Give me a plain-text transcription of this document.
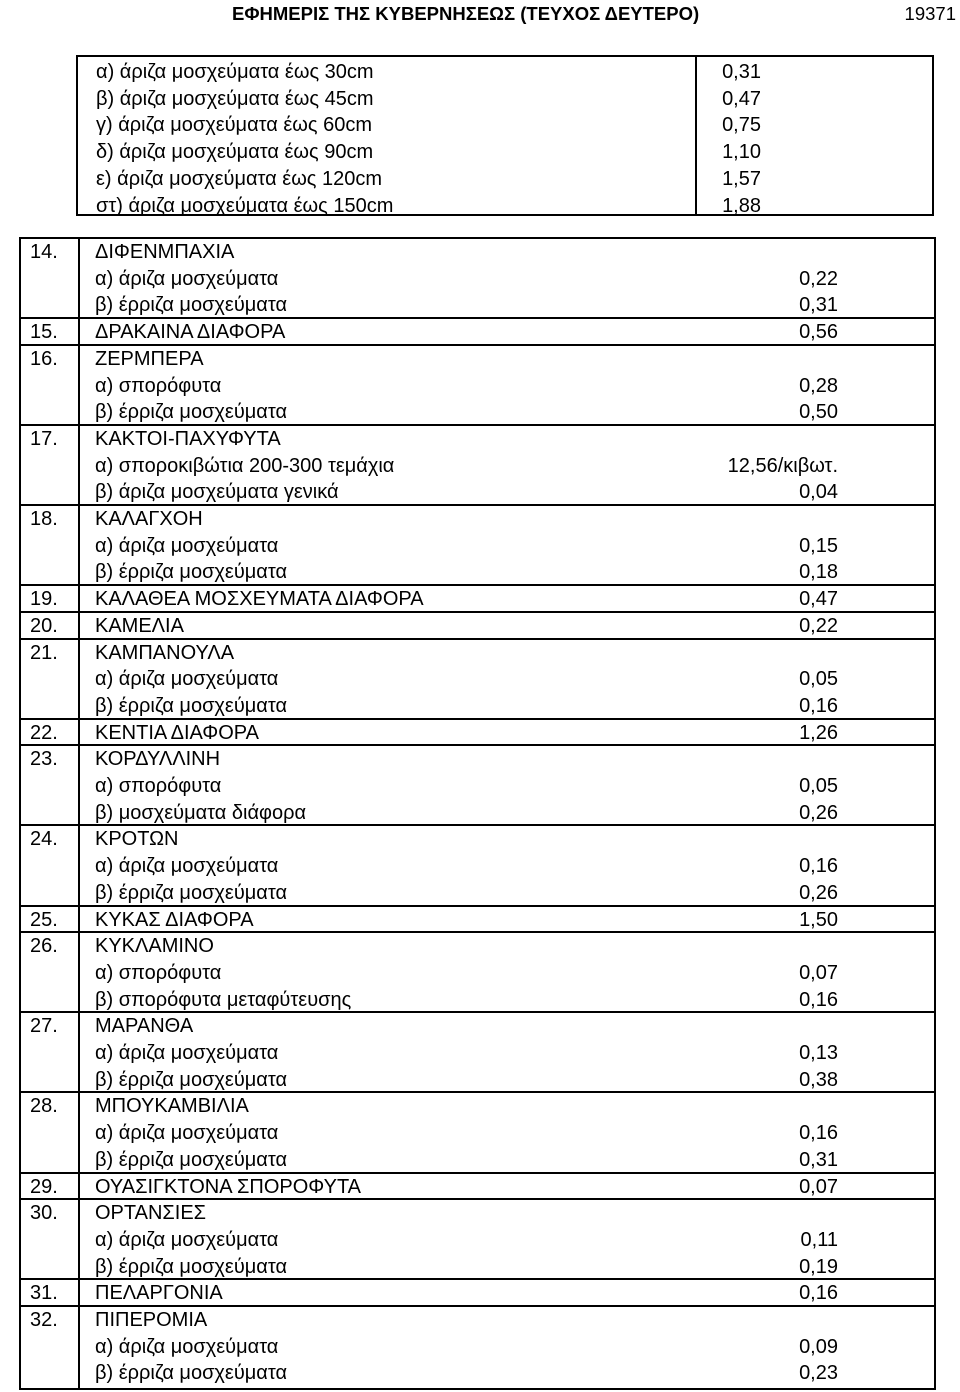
ΕΦΗΜΕΡΙΣ ΤΗΣ ΚΥΒΕΡΝΗΣΕΩΣ (ΤΕΥΧΟΣ ΔΕΥΤΕΡΟ)	19371
α) άριζα μοσχεύματα έως 30cm	0,31
β) άριζα μοσχεύματα έως 45cm	0,47
γ) άριζα μοσχεύματα έως 60cm	0,75
δ) άριζα μοσχεύματα έως 90cm	1,10
ε) άριζα μοσχεύματα έως 120cm	1,57
στ) άριζα μοσχεύματα έως 150cm	1,88
14. ΔΙΦΕΝΜΠΑΧΙΑ
α) άριζα μοσχεύματα	0,22
β) έρριζα μοσχεύματα	0,31
15. ΔΡΑΚΑΙΝΑ ΔΙΑΦΟΡΑ	0,56
16. ΖΕΡΜΠΕΡΑ
α) σπορόφυτα	0,28
β) έρριζα μοσχεύματα	0,50
17. ΚΑΚΤΟΙ-ΠΑΧΥΦΥΤΑ
α) σποροκιβώτια 200-300 τεμάχια	12,56/κιβωτ.
β) άριζα μοσχεύματα γενικά	0,04
18. ΚΑΛΑΓΧΟΗ
α) άριζα μοσχεύματα	0,15
β) έρριζα μοσχεύματα	0,18
19. ΚΑΛΑΘΕΑ ΜΟΣΧΕΥΜΑΤΑ ΔΙΑΦΟΡΑ	0,47
20. ΚΑΜΕΛΙΑ	0,22
21. ΚΑΜΠΑΝΟΥΛΑ
α) άριζα μοσχεύματα	0,05
β) έρριζα μοσχεύματα	0,16
22. ΚΕΝΤΙΑ ΔΙΑΦΟΡΑ	1,26
23. ΚΟΡΔΥΛΛΙΝΗ
α) σπορόφυτα	0,05
β) μοσχεύματα διάφορα	0,26
24. ΚΡΟΤΩΝ
α) άριζα μοσχεύματα	0,16
β) έρριζα μοσχεύματα	0,26
25. ΚΥΚΑΣ ΔΙΑΦΟΡΑ	1,50
26. ΚΥΚΛΑΜΙΝΟ
α) σπορόφυτα	0,07
β) σπορόφυτα μεταφύτευσης	0,16
27. ΜΑΡΑΝΘΑ
α) άριζα μοσχεύματα	0,13
β) έρριζα μοσχεύματα	0,38
28. ΜΠΟΥΚΑΜΒΙΛΙΑ
α) άριζα μοσχεύματα	0,16
β) έρριζα μοσχεύματα	0,31
29. ΟΥΑΣΙΓΚΤΟΝΑ ΣΠΟΡΟΦΥΤΑ	0,07
30. ΟΡΤΑΝΣΙΕΣ
α) άριζα μοσχεύματα	0,11
β) έρριζα μοσχεύματα	0,19
31. ΠΕΛΑΡΓΟΝΙΑ	0,16
32. ΠΙΠΕΡΟΜΙΑ
α) άριζα μοσχεύματα	0,09
β) έρριζα μοσχεύματα	0,23
